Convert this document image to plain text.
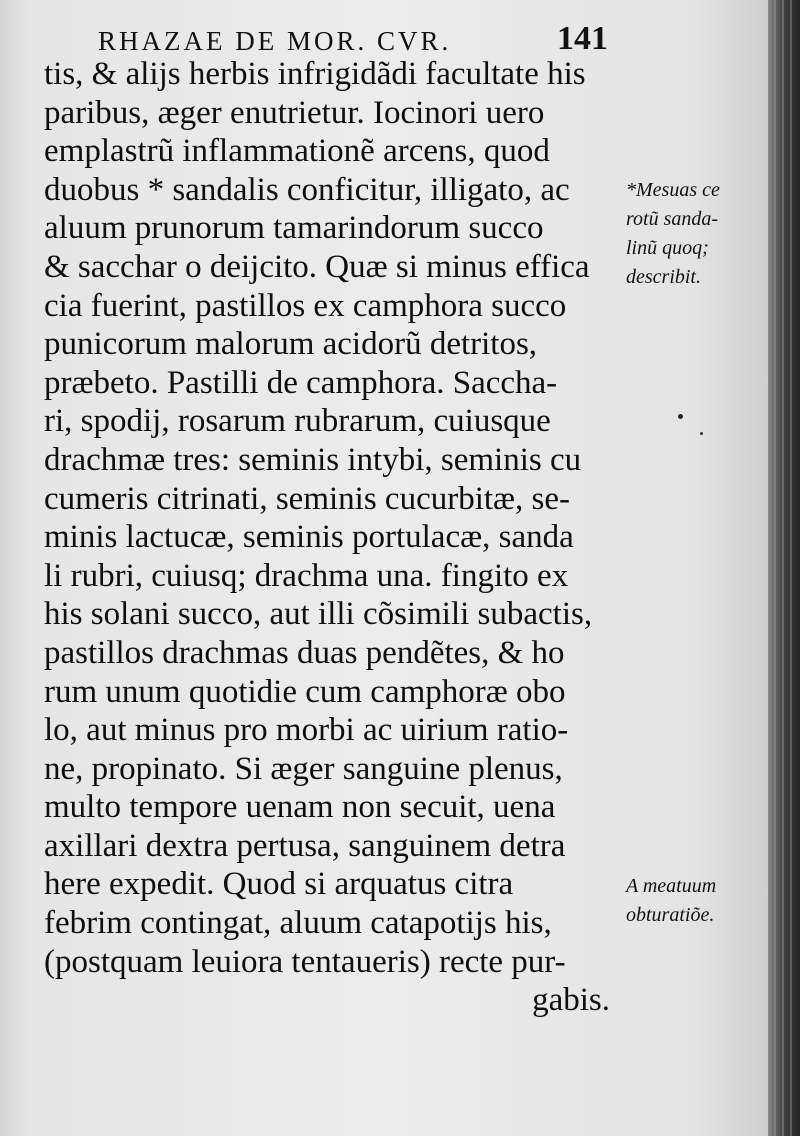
RHAZAE DE MOR. CVR.	141
tis, & alijs herbis infrigidãdi facultate his
paribus, æger enutrietur. Iocinori uero
emplastrũ inflammationẽ arcens, quod
duobus * sandalis conficitur, illigato, ac
aluum prunorum tamarindorum succo
& sacchar o deijcito. Quæ si minus effica
cia fuerint, pastillos ex camphora succo
punicorum malorum acidorũ detritos,
præbeto. Pastilli de camphora. Saccha-
ri, spodij, rosarum rubrarum, cuiusque
drachmæ tres: seminis intybi, seminis cu
cumeris citrinati, seminis cucurbitæ, se-
minis lactucæ, seminis portulacæ, sanda
li rubri, cuiusq; drachma una. fingito ex
his solani succo, aut illi cõsimili subactis,
pastillos drachmas duas pendẽtes, & ho
rum unum quotidie cum camphoræ obo
lo, aut minus pro morbi ac uirium ratio-
ne, propinato. Si æger sanguine plenus,
multo tempore uenam non secuit, uena
axillari dextra pertusa, sanguinem detra
here expedit. Quod si arquatus citra
febrim contingat, aluum catapotijs his,
(postquam leuiora tentaueris) recte pur-
gabis.
*Mesuas ce
rotũ sanda-
linũ quoq;
describit.
A meatuum
obturatiõe.
